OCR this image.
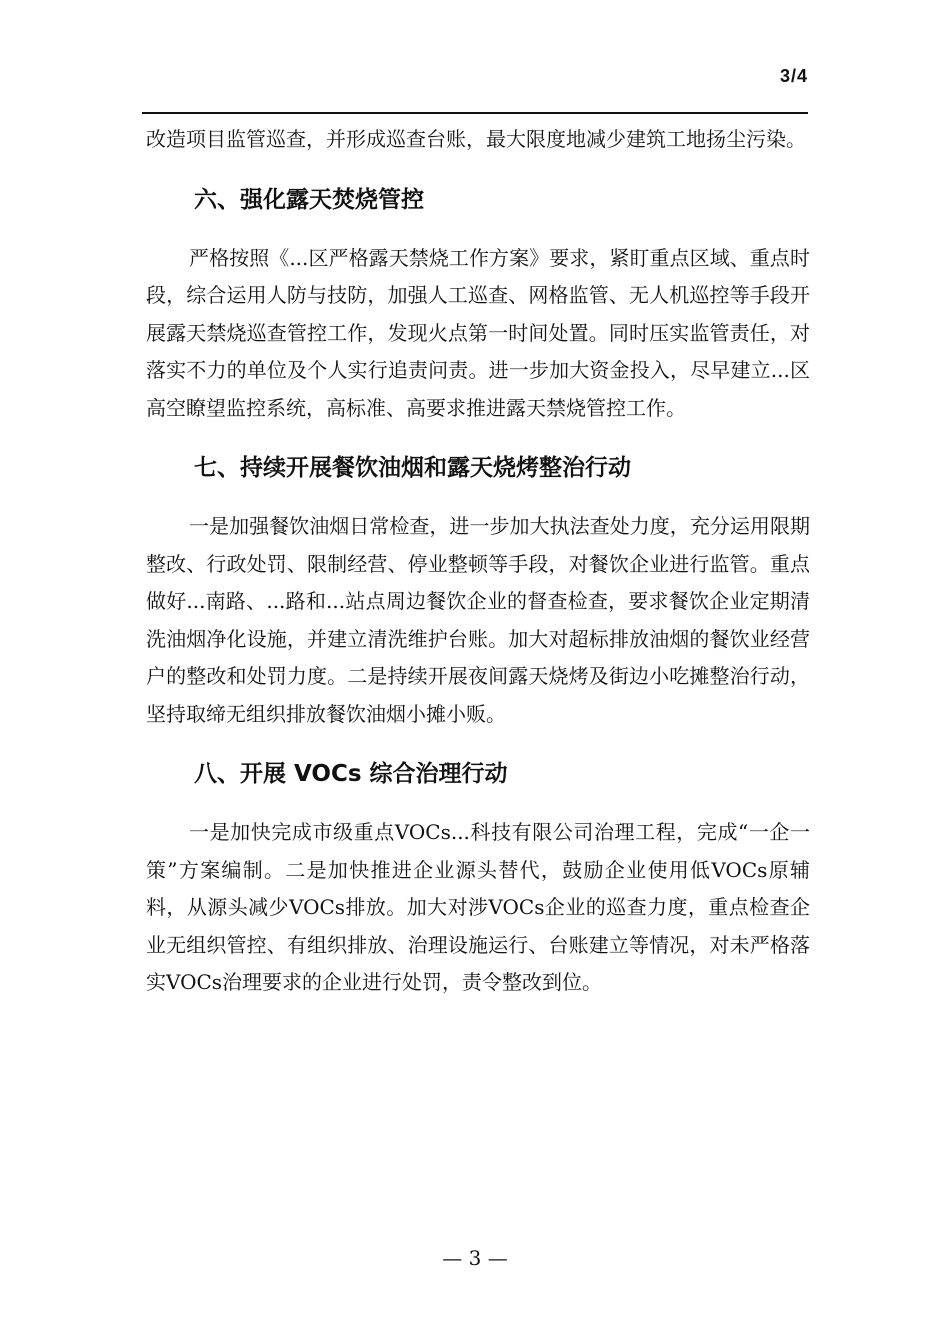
3/4

改造项目监管巡查，并形成巡查台账，最大限度地减少建筑工地扬尘污染。

六、强化露天焚烧管控

严格按照《...区严格露天禁烧工作方案》要求，紧盯重点区域、重点时段，综合运用人防与技防，加强人工巡查、网格监管、无人机巡控等手段开展露天禁烧巡查管控工作，发现火点第一时间处置。同时压实监管责任，对落实不力的单位及个人实行追责问责。进一步加大资金投入，尽早建立...区高空瞭望监控系统，高标准、高要求推进露天禁烧管控工作。

七、持续开展餐饮油烟和露天烧烤整治行动

一是加强餐饮油烟日常检查，进一步加大执法查处力度，充分运用限期整改、行政处罚、限制经营、停业整顿等手段，对餐饮企业进行监管。重点做好...南路、...路和...站点周边餐饮企业的督查检查，要求餐饮企业定期清洗油烟净化设施，并建立清洗维护台账。加大对超标排放油烟的餐饮业经营户的整改和处罚力度。二是持续开展夜间露天烧烤及街边小吃摊整治行动，坚持取缔无组织排放餐饮油烟小摊小贩。

八、开展 VOCs 综合治理行动

一是加快完成市级重点VOCs...科技有限公司治理工程，完成“一企一策”方案编制。二是加快推进企业源头替代，鼓励企业使用低VOCs原辅料，从源头减少VOCs排放。加大对涉VOCs企业的巡查力度，重点检查企业无组织管控、有组织排放、治理设施运行、台账建立等情况，对未严格落实VOCs治理要求的企业进行处罚，责令整改到位。

— 3 —
